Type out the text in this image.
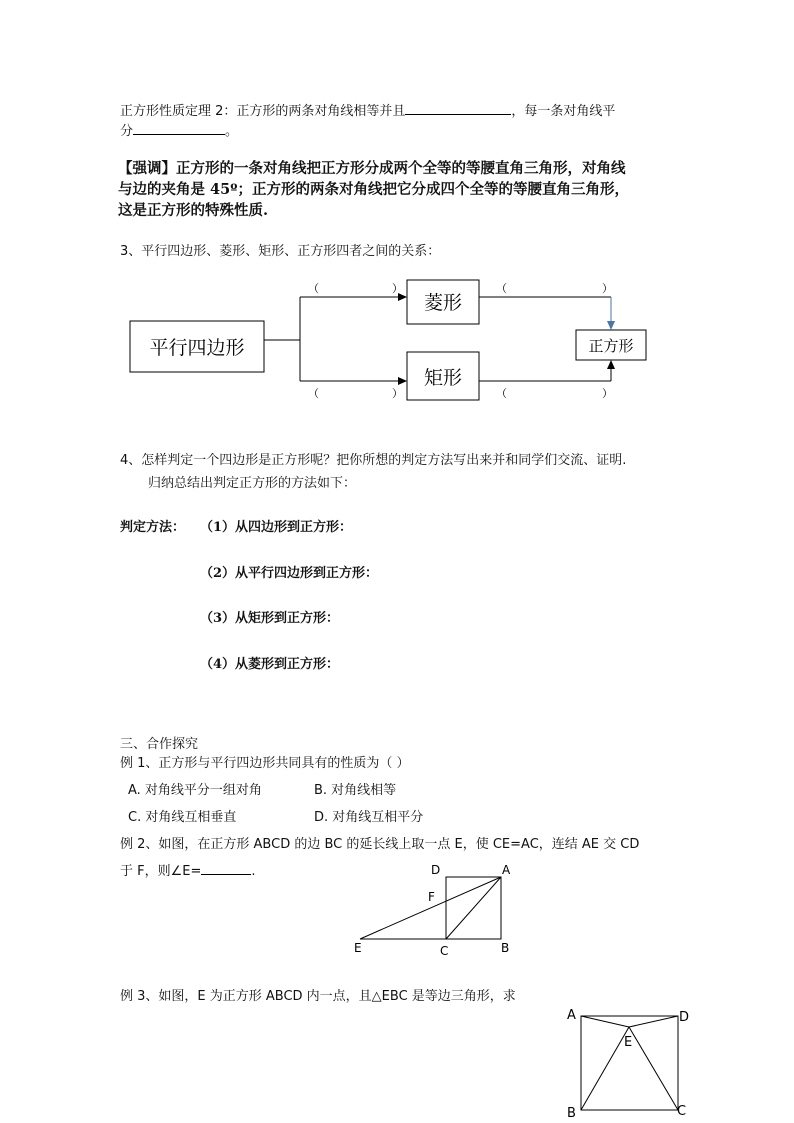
正方形性质定理 2：正方形的两条对角线相等并且	，每一条对角线平
分	。
【强调】正方形的一条对角线把正方形分成两个全等的等腰直角三角形，对角线
与边的夹角是 45º；正方形的两条对角线把它分成四个全等的等腰直角三角形，
这是正方形的特殊性质.
3、平行四边形、菱形、矩形、正方形四者之间的关系：
平行四边形
菱形
矩形
正方形
（	）
（	）
（	）
（	）
4、怎样判定一个四边形是正方形呢？把你所想的判定方法写出来并和同学们交流、证明.
归纳总结出判定正方形的方法如下：
判定方法： （1）从四边形到正方形：
（2）从平行四边形到正方形：
（3）从矩形到正方形：
（4）从菱形到正方形：
三、合作探究
例 1、正方形与平行四边形共同具有的性质为（ ）
A. 对角线平分一组对角	B. 对角线相等
C. 对角线互相垂直	D. 对角线互相平分
例 2、如图，在正方形 ABCD 的边 BC 的延长线上取一点 E，使 CE=AC，连结 AE 交 CD
于 F，则∠E=	.	D	A
F
E	C	B
例 3、如图，E 为正方形 ABCD 内一点，且△EBC 是等边三角形，求
A	D
E
B	C
